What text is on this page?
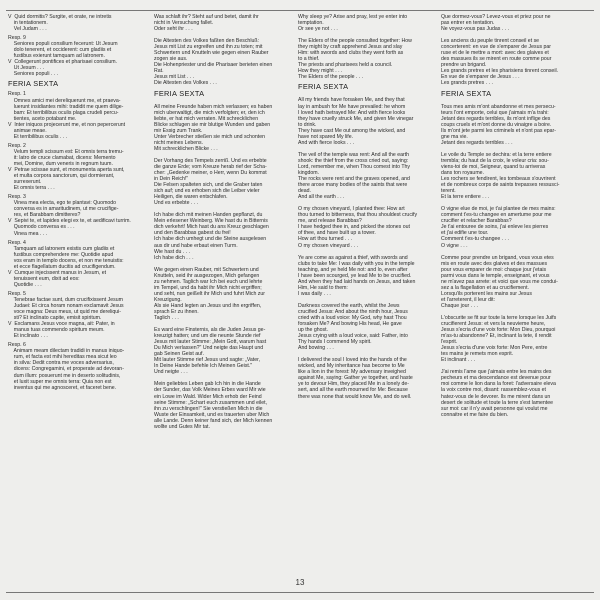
V  Quid dormitis? Surgite, et orate, ne intretis
in tentationem.
Vel Judam . . .
Resp. 9
Seniores populi consilium fecerunt: Ut Jesum
dolo tenerent, et occiderent: cum gladiis et
fustibus exierunt tamquam ad latronem.
V  Collegerunt pontifices et pharisaei consilium.
Ut Jesum . . .
Seniores populi . . .
FERIA SEXTA
Resp. 1
Omnes amici mei dereliquerunt me, et praeva-
luerunt insidiantes mihi: tradidit me quem dilige-
bam: Et terribilibus oculis plaga crudeli percu-
tientes, aceto potabant me.
V  Inter iniquos projecerunt me, et non pepercerunt
animae meae.
Et terribilibus oculis . . .
Resp. 2
Velum templi scissum est: Et omnis terra tremu-
it: latro de cruce clamabat, dicens: Memento
mei, Domine, dum veneris in regnum tuum.
V  Petrae scissae sunt, et monumenta aperta sunt,
et multa corpora sanctorum, qui dormierant,
surrexerunt.
Et omnis terra . . .
Resp. 3
Vinea mea electa, ego te plantavi: Quomodo
conversa es in amaritudinem, ut me crucifige-
res, et Barabbam dimitteres?
V  Sepivi te, et lapides elegi ex te, et aedificavi turrim.
Quomodo conversa es . . .
Vinea mea . . .
Resp. 4
Tamquam ad latronem existis cum gladiis et
fustibus comprehendere me: Quotidie apud
vos eram in templo docens, et non me tenuistis:
et ecce flagellatum ducitis ad crucifigendum.
V  Cumque injecissent manus in Jesum, et
tenuissent eum, dixit ad eos:
Quotidie . . .
Resp. 5
Tenebrae factae sunt, dum crucifixissent Jesum
Judaei: Et circa horam nonam exclamavit Jesus
voce magna: Deus meus, ut quid me dereliqui-
sti? Et inclinato capite, emisit spiritum.
V  Exclamans Jesus voce magna, ait: Pater, in
manus tuas commendo spiritum meum.
Et inclinato . . .
Resp. 6
Animam meam dilectam tradidi in manus iniquo-
rum, et facta est mihi hereditas mea sicut leo
in silva: Dedit contra me voces adversarius,
dicens: Congregamini, et properate ad devoran-
dum illum: posuerunt me in deserto solitudinis,
et luxit super me omnis terra: Quia non est
inventus qui me agnosceret, et faceret bene.
Was schlaft ihr? Steht auf und betet, damit ihr
nicht in Versuchung fallet.
Oder seht ihr . . .
Die Altesten des Volkes faßten den Beschluß:
Jesus mit List zu ergreifen und ihn zu toten; mit
Schwertern und Knutteln wie gegen einen Rauber
zogen sie aus.
Die Hohenpriester und die Pharisaer berieten einen
Rat.
Jesus mit List . . .
Die Altesten des Volkes . . .
FERIA SEXTA
All meine Freunde haben mich verlassen; es haben
mich uberwaltigt, die mich verfolgten; er, den ich
liebte, er hat mich verraten. Mit schrecklichen
Blicke schlugen sie mir blutige Wunden und gaben
mir Essig zum Trank.
Unter Verbrecher stießen sie mich und schonten
nicht meines Lebens.
Mit schrecklichen Blicke . . .
Der Vorhang des Tempels zerriß. Und es erbebte
die ganze Erde; vom Kreuze herab rief der Scha-
cher: „Gedenke meiner, o Herr, wenn Du kommst
in Dein Reich!"
Die Felsen spalteten sich, und die Graber taten
sich auf; und es erhoben sich die Leiber vieler
Heiligen, die waren entschlafen.
Und es erbebte . . .
Ich habe dich mit meinen Handen gepflanzt, du
Mein erlesener Weinberg. Wie hast du in Bitternis
dich verkehrt! Mich hast du ans Kreuz geschlagen
und den Barabbas gabest du frei!
Ich habe dich umhegt und die Steine ausgelesen
aus dir und habe erbaut einen Turm.
Wie hast du . . .
Ich habe dich . . .
Wie gegen einen Rauber, mit Schwertern und
Knutteln, seid ihr ausgezogen, Mich gefangen
zu nehmen. Taglich war Ich bei euch und lehrte
im Tempel, und da habt ihr Mich nicht ergriffen;
und seht, nun geißelt ihr Mich und fuhrt Mich zur
Kreuzigung.
Als sie Hand legten an Jesus und ihn ergriffen,
sprach Er zu ihnen.
Taglich . . .
Es ward eine Finsternis, als die Juden Jesus ge-
kreuzigt hatten; und um die neunte Stunde rief
Jesus mit lauter Stimme: „Mein Gott, warum hast
Du Mich verlassen?" Und neigte das Haupt und
gab Seinen Geist auf.
Mit lauter Stimme rief Jesus und sagte: „Vater,
In Deine Hande befehle Ich Meinen Geist."
Und neigte . . .
Mein geliebtes Leben gab Ich hin in die Hande
der Sunder, das Volk Meines Erbes ward Mir wie
ein Lowe im Wald. Wider Mich erhob der Feind
seine Stimme: „Schart euch zusammen und eilet,
ihn zu verschlingen!" Sie verstießen Mich in die
Wuste der Einsamkeit, und es trauerten uber Mich
alle Lande. Denn keiner fand sich, der Mich kennen
wollte und Gutes Mir tat.
Why sleep ye? Arise and pray, lest ye enter into
temptation.
Or see ye not . . .
The Elders of the people consulted together: How
they might by craft apprehend Jesus and slay
Him: with swords and clubs they went forth as
to a thief.
The priests and pharisees held a council.
How they might . . .
The Elders of the people . . .
FERIA SEXTA
All my friends have forsaken Me, and they that
lay in ambush for Me have prevailed: he whom
I loved hath betrayed Me: And with fierce looks
they have cruelly struck Me, and given Me vinegar
to drink.
They have cast Me out among the wicked, and
have not spared My life.
And with fierce looks . . .
The veil of the temple was rent: And all the earth
shook: the thief from the cross cried out, saying:
Lord, remember me, when Thou comest into Thy
kingdom.
The rocks were rent and the graves opened, and
there arose many bodies of the saints that were
dead.
And all the earth . . .
O my chosen vineyard, I planted thee: How art
thou turned to bitterness, that thou shouldest crucify
me, and release Barabbas?
I have hedged thee in, and picked the stones out
of thee, and have built up a tower.
How art thou turned . . .
O my chosen vineyard . . .
Ye are come as against a thief, with swords and
clubs to take Me: I was daily with you in the temple
teaching, and ye held Me not: and lo, even after
I have been scourged, ye lead Me to be crucified.
And when they had laid hands on Jesus, and taken
Him, He said to them:
I was daily . . .
Darkness covered the earth, whilst the Jews
crucified Jesus: And about the ninth hour, Jesus
cried with a loud voice: My God, why hast Thou
forsaken Me? And bowing His head, He gave
up the ghost.
Jesus crying with a loud voice, said: Father, into
Thy hands I commend My spirit.
And bowing . . .
I delivered the soul I loved into the hands of the
wicked, and My inheritance has become to Me
like a lion in the forest: My adversary inveighed
against Me, saying: Gather ye together, and haste
ye to devour Him, they placed Me in a lonely de-
sert, and all the earth mourned for Me: Because
there was none that would know Me, and do well.
Que dormez-vous? Levez-vous et priez pour ne
pas entrer en tentation.
Ne voyez-vous pas Judas . . .
Les anciens du peuple tinrent conseil et se
concerterent: en vue de s'emparer de Jesus par
ruse et de le mettre a mort: avec des glaives et
des massues ils se mirent en route comme pour
prendre un brigand.
Les grands pretres et les pharisiens tinrent conseil.
En vue de s'emparer de Jesus . . .
Les grands pretres . . .
FERIA SEXTA
Tous mes amis m'ont abandonne et mes persecu-
teurs l'ont emporte, celui que j'aimais m'a trahi:
Jetant des regards terribles, ils m'ont inflige des
coups cruels et m'ont donne du vinaigre a boire.
Ils m'ont jete parmi les criminels et n'ont pas epar-
gne ma vie.
Jetant des regards terribles . . .
Le voile du Temple se dechira: et la terre entiere
trembla; du haut de la croix, le voleur cria: sou-
viens-toi de moi, Seigneur, quand tu arriveras
dans ton royaume.
Les rochers se fendirent, les tombeaux s'ouvrirent
et de nombreux corps de saints trepasses ressusci-
terent.
Et la terre entiere . . .
O vigne elue de moi, je t'ai plantee de mes mains:
comment t'es-tu changee en amertume pour me
crucifier et relacher Barabbas?
Je t'ai entouree de soins, j'ai enleve les pierres
et j'ai edifie une tour.
Comment t'es-tu changee . . .
O vigne . . .
Comme pour prendre un brigand, vous vous etes
mis en route avec des glaives et des massues
pour vous emparer de moi: chaque jour j'etais
parmi vous dans le temple, enseignant, et vous
ne m'avez pas arrete: et voici que vous me condui-
sez a la flagellation et au crucifiement.
Lorsqu'ils porterent les mains sur Jesus
et l'arreterent, il leur dit:
Chaque jour . . .
L'obscurite se fit sur toute la terre lorsque les Juifs
crucifierent Jesus: et vers la neuvieme heure,
Jesus s'ecria d'une voix forte: Mon Dieu, pourquoi
m'as-tu abandonne? Et, inclinant la tete, il rendit
l'esprit.
Jesus s'ecria d'une voix forte: Mon Pere, entre
tes mains je remets mon esprit.
Et inclinant . . .
J'ai remis l'ame que j'aimais entre les mains des
pecheurs et ma descendance est devenue pour
moi comme le lion dans la foret: l'adversaire eleva
la voix contre moi, disant: rassemblez-vous et
hatez-vous de le devorer. Ils me mirent dans un
desert de solitude et toute la terre s'est lamentee
sur moi: car il n'y avait personne qui voulut me
connaitre et me faire du bien.
13
